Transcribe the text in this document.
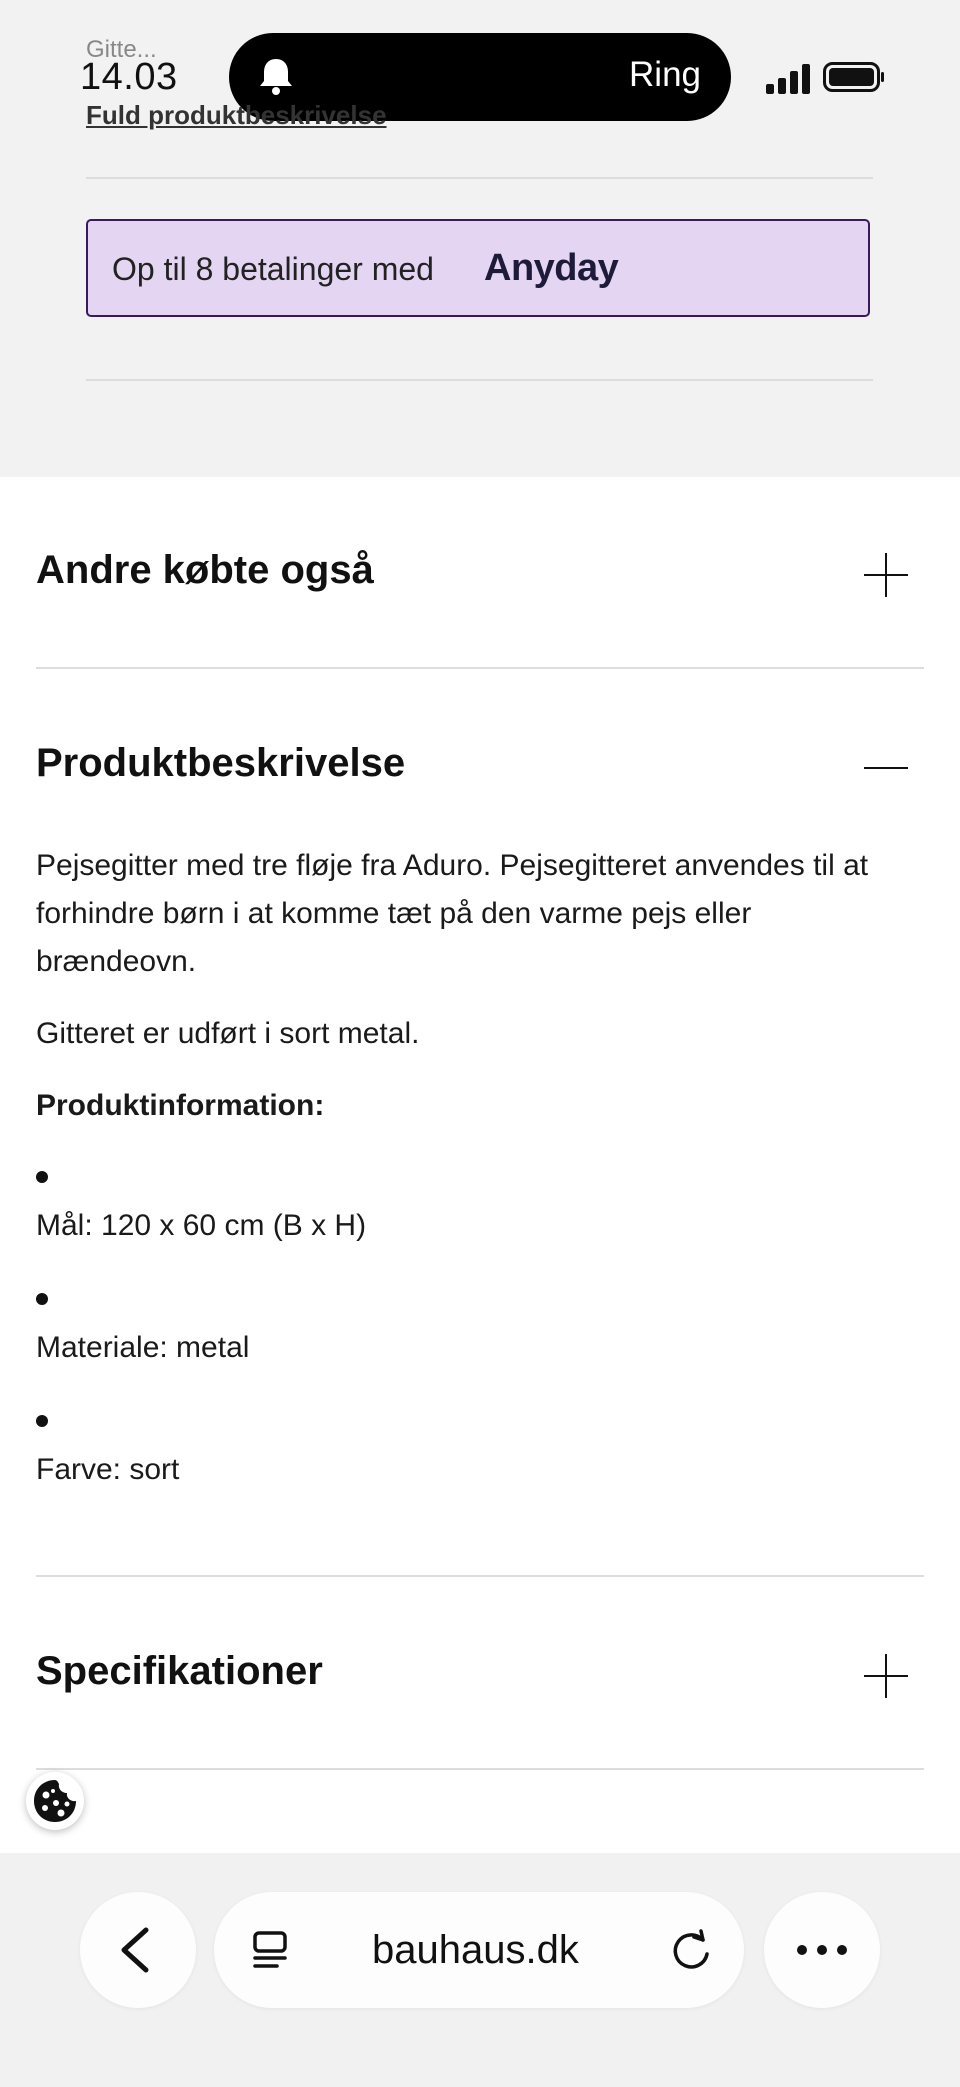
Gitte...
14.03	Ring
Fuld produktbeskrivelse
Op til 8 betalinger med Anyday
Andre købte også
Produktbeskrivelse
Pejsegitter med tre fløje fra Aduro. Pejsegitteret anvendes til at forhindre børn i at komme tæt på den varme pejs eller brændeovn.
Gitteret er udført i sort metal.
Produktinformation:
Mål: 120 x 60 cm (B x H)
Materiale: metal
Farve: sort
Specifikationer
bauhaus.dk
